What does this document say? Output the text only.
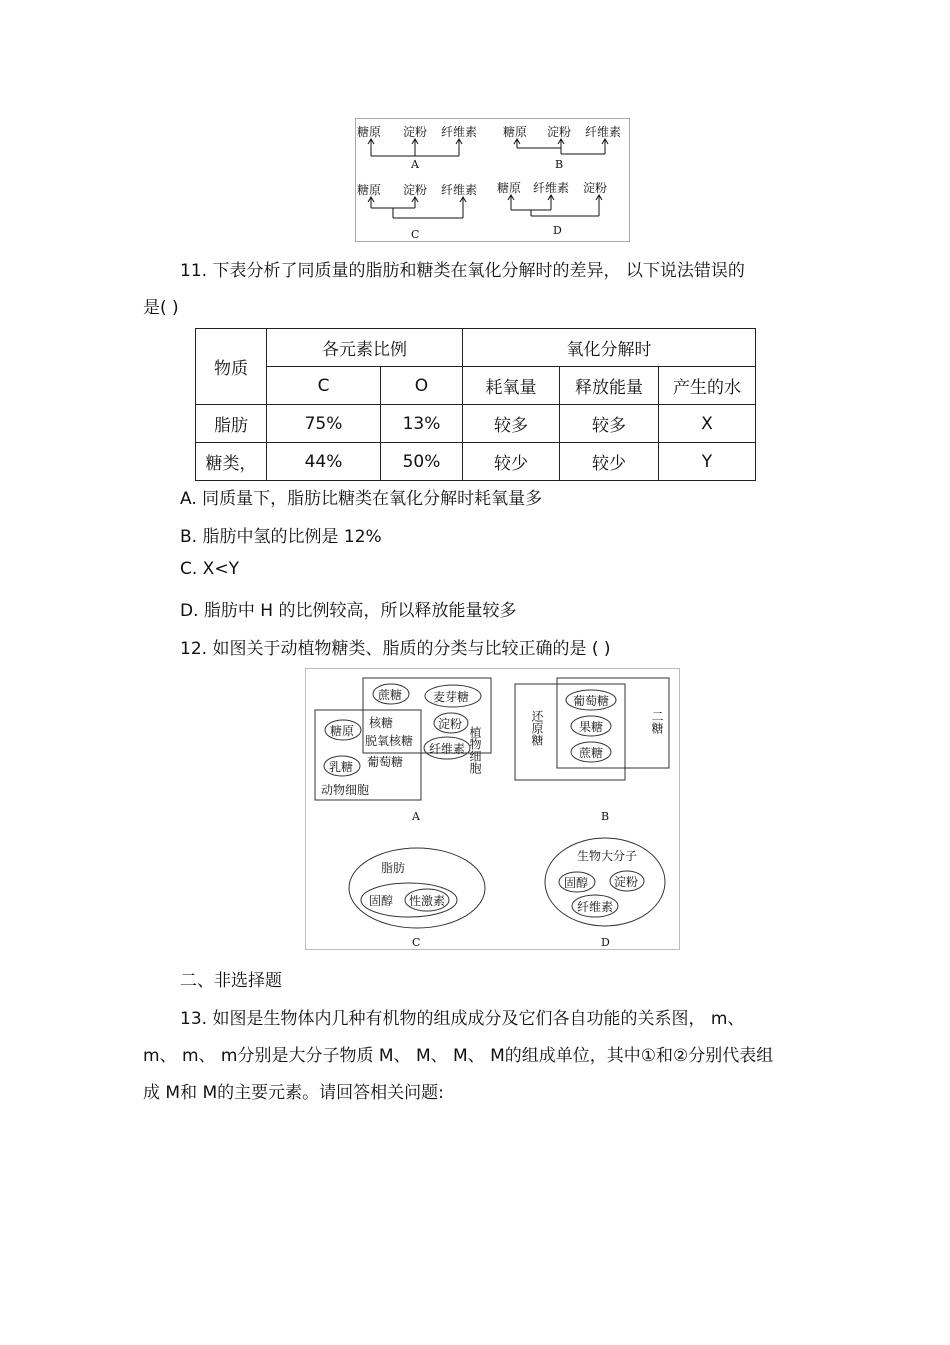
糖原 淀粉 纤维素
A
糖原 淀粉 纤维素
B
糖原 淀粉 纤维素
C
糖原 纤维素 淀粉
D
11. 下表分析了同质量的脂肪和糖类在氧化分解时的差异， 以下说法错误的
是( )
物质	各元素比例		氧化分解时		
	C	O	耗氧量	释放能量	产生的水
脂肪	75%	13%	较多	较多	X
糖类，	44%	50%	较少	较少	Y
A. 同质量下，脂肪比糖类在氧化分解时耗氧量多
B. 脂肪中氢的比例是 12%
C. X<Y
D. 脂肪中 H 的比例较高，所以释放能量较多
12. 如图关于动植物糖类、脂质的分类与比较正确的是 ( )
蔗糖	麦芽糖
糖原
核糖
脱氧核糖
葡萄糖
淀粉
纤维素 植物细胞
乳糖
动物细胞
A
还原糖	二糖
葡萄糖
果糖
蔗糖
B
脂肪
固醇 性激素
C
生物大分子
固醇 淀粉
纤维素
D
二、非选择题
13. 如图是生物体内几种有机物的组成成分及它们各自功能的关系图， m、
m、 m、 m分别是大分子物质 M、 M、 M、 M的组成单位，其中①和②分别代表组
成 M和 M的主要元素。请回答相关问题:
